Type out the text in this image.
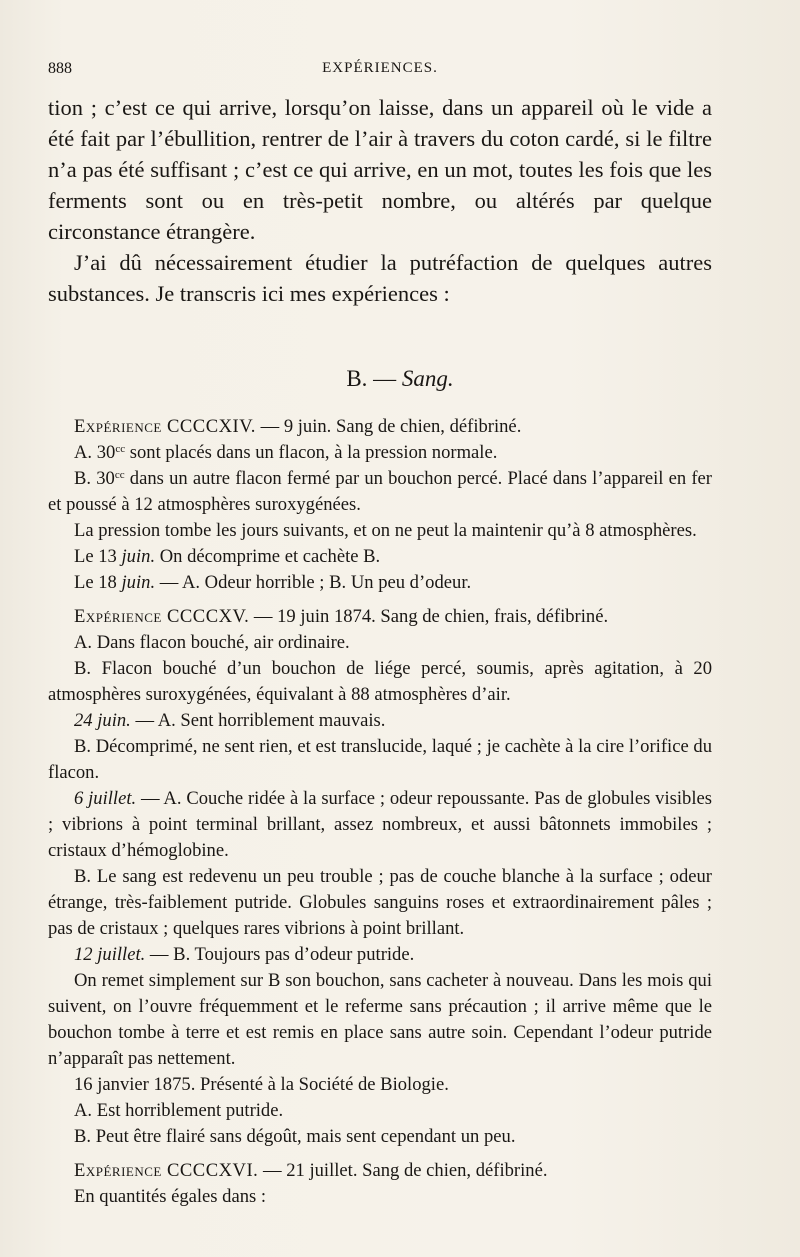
888	EXPÉRIENCES.

tion ; c’est ce qui arrive, lorsqu’on laisse, dans un appareil où le vide a été fait par l’ébullition, rentrer de l’air à travers du coton cardé, si le filtre n’a pas été suffisant ; c’est ce qui arrive, en un mot, toutes les fois que les ferments sont ou en très-petit nombre, ou altérés par quelque circonstance étrangère.

J’ai dû nécessairement étudier la putréfaction de quelques autres substances. Je transcris ici mes expériences :

B. — Sang.

Expérience CCCCXIV. — 9 juin. Sang de chien, défibriné.

A. $30^{cc}$ sont placés dans un flacon, à la pression normale.

B. $30^{cc}$ dans un autre flacon fermé par un bouchon percé. Placé dans l’appareil en fer et poussé à 12 atmosphères suroxygénées.

La pression tombe les jours suivants, et on ne peut la maintenir qu’à 8 atmosphères.

Le 13 juin. On décomprime et cachète B.

Le 18 juin. — A. Odeur horrible ; B. Un peu d’odeur.

Expérience CCCCXV. — 19 juin 1874. Sang de chien, frais, défibriné.

A. Dans flacon bouché, air ordinaire.

B. Flacon bouché d’un bouchon de liége percé, soumis, après agitation, à 20 atmosphères suroxygénées, équivalant à 88 atmosphères d’air.

24 juin. — A. Sent horriblement mauvais.

B. Décomprimé, ne sent rien, et est translucide, laqué ; je cachète à la cire l’orifice du flacon.

6 juillet. — A. Couche ridée à la surface ; odeur repoussante. Pas de globules visibles ; vibrions à point terminal brillant, assez nombreux, et aussi bâtonnets immobiles ; cristaux d’hémoglobine.

B. Le sang est redevenu un peu trouble ; pas de couche blanche à la surface ; odeur étrange, très-faiblement putride. Globules sanguins roses et extraordinairement pâles ; pas de cristaux ; quelques rares vibrions à point brillant.

12 juillet. — B. Toujours pas d’odeur putride.

On remet simplement sur B son bouchon, sans cacheter à nouveau. Dans les mois qui suivent, on l’ouvre fréquemment et le referme sans précaution ; il arrive même que le bouchon tombe à terre et est remis en place sans autre soin. Cependant l’odeur putride n’apparaît pas nettement.

16 janvier 1875. Présenté à la Société de Biologie.

A. Est horriblement putride.

B. Peut être flairé sans dégoût, mais sent cependant un peu.

Expérience CCCCXVI. — 21 juillet. Sang de chien, défibriné.

En quantités égales dans :
